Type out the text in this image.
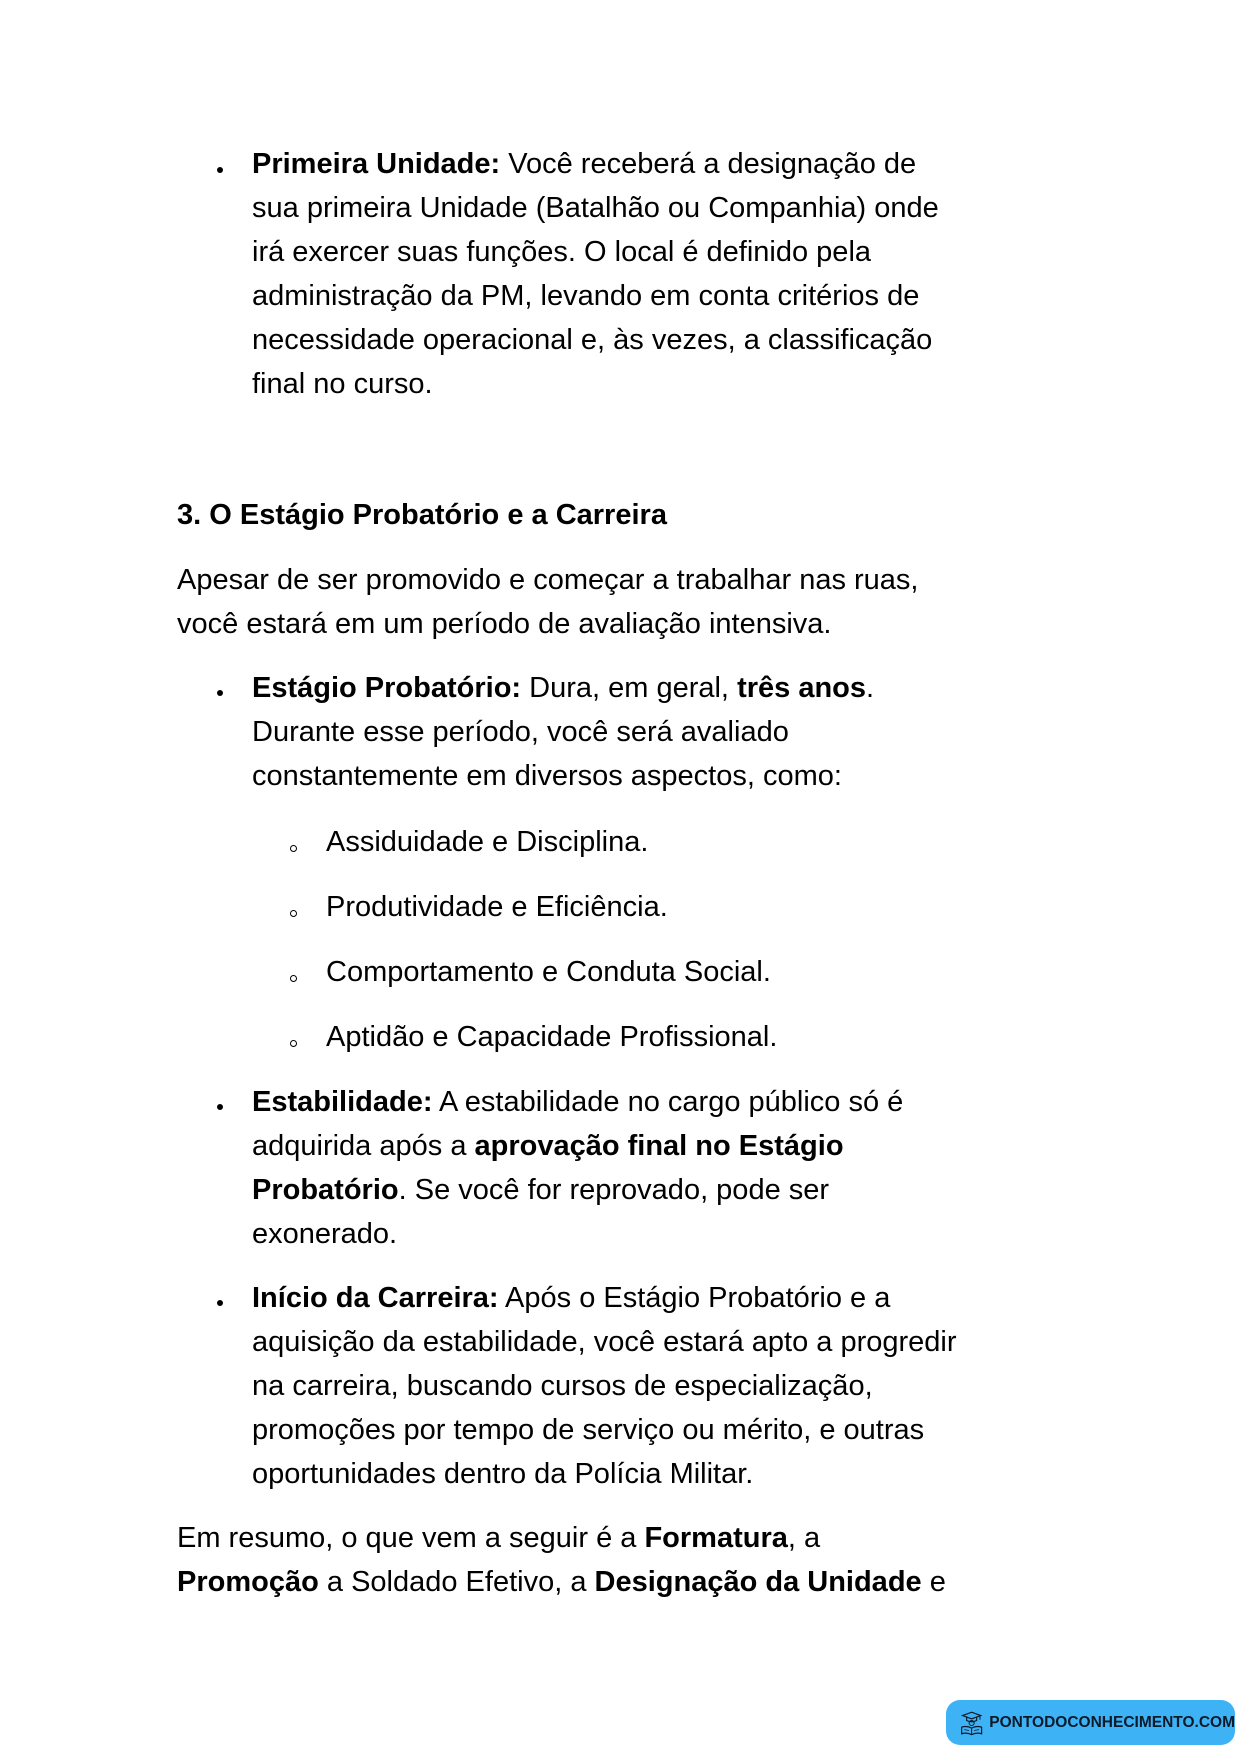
Primeira Unidade: Você receberá a designação de
sua primeira Unidade (Batalhão ou Companhia) onde
irá exercer suas funções. O local é definido pela
administração da PM, levando em conta critérios de
necessidade operacional e, às vezes, a classificação
final no curso.
3. O Estágio Probatório e a Carreira
Apesar de ser promovido e começar a trabalhar nas ruas,
você estará em um período de avaliação intensiva.
Estágio Probatório: Dura, em geral, três anos.
Durante esse período, você será avaliado
constantemente em diversos aspectos, como:
Assiduidade e Disciplina.
Produtividade e Eficiência.
Comportamento e Conduta Social.
Aptidão e Capacidade Profissional.
Estabilidade: A estabilidade no cargo público só é
adquirida após a aprovação final no Estágio
Probatório. Se você for reprovado, pode ser
exonerado.
Início da Carreira: Após o Estágio Probatório e a
aquisição da estabilidade, você estará apto a progredir
na carreira, buscando cursos de especialização,
promoções por tempo de serviço ou mérito, e outras
oportunidades dentro da Polícia Militar.
Em resumo, o que vem a seguir é a Formatura, a
Promoção a Soldado Efetivo, a Designação da Unidade e
PONTODOCONHECIMENTO.COM
